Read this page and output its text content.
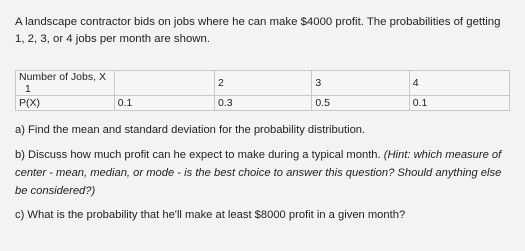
A landscape contractor bids on jobs where he can make $4000 profit. The probabilities of getting 1, 2, 3, or 4 jobs per month are shown.
Number of Jobs, X1		2	3	4
P(X)	0.1	0.3	0.5	0.1
a) Find the mean and standard deviation for the probability distribution.
b) Discuss how much profit can he expect to make during a typical month. (Hint: which measure of center - mean, median, or mode - is the best choice to answer this question? Should anything else be considered?)
c) What is the probability that he'll make at least $8000 profit in a given month?
